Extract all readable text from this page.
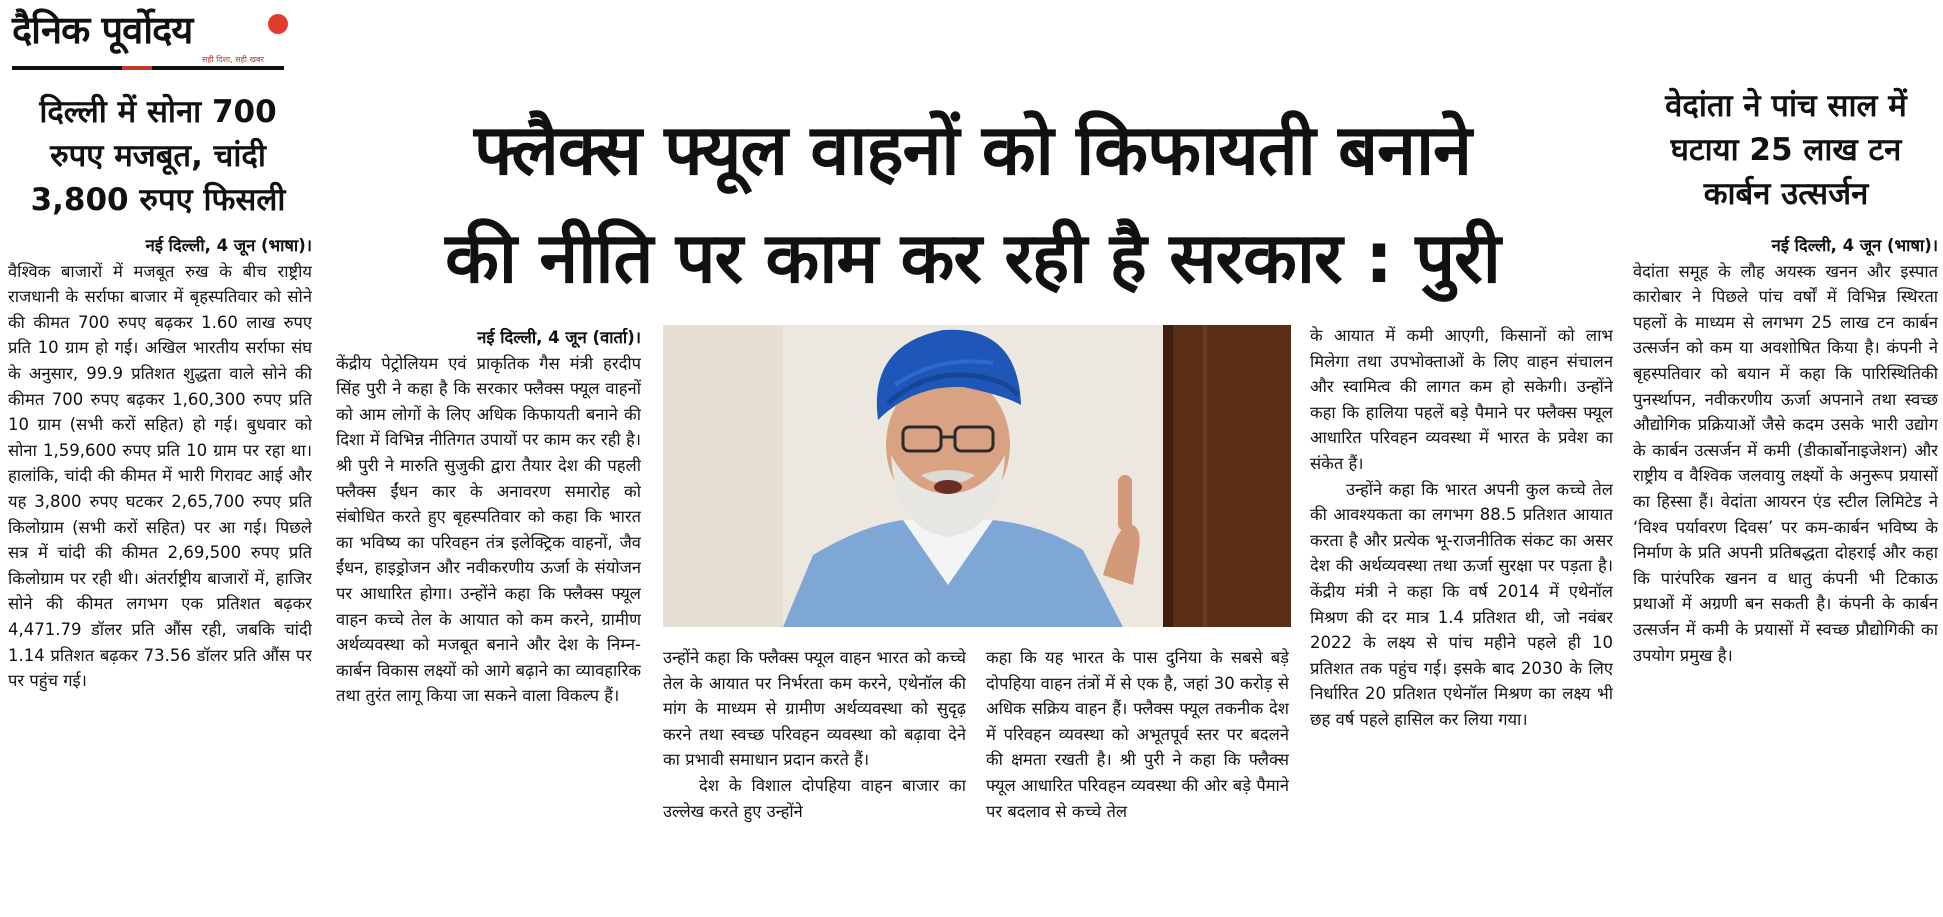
दैनिक पूर्वोदय
सही दिशा, सही खबर
दिल्ली में सोना 700 रुपए मजबूत, चांदी 3,800 रुपए फिसली

नई दिल्ली, 4 जून (भाषा)।

वैश्विक बाजारों में मजबूत रुख के बीच राष्ट्रीय राजधानी के सर्राफा बाजार में बृहस्पतिवार को सोने की कीमत 700 रुपए बढ़कर 1.60 लाख रुपए प्रति 10 ग्राम हो गई। अखिल भारतीय सर्राफा संघ के अनुसार, 99.9 प्रतिशत शुद्धता वाले सोने की कीमत 700 रुपए बढ़कर 1,60,300 रुपए प्रति 10 ग्राम (सभी करों सहित) हो गई। बुधवार को सोना 1,59,600 रुपए प्रति 10 ग्राम पर रहा था। हालांकि, चांदी की कीमत में भारी गिरावट आई और यह 3,800 रुपए घटकर 2,65,700 रुपए प्रति किलोग्राम (सभी करों सहित) पर आ गई। पिछले सत्र में चांदी की कीमत 2,69,500 रुपए प्रति किलोग्राम पर रही थी। अंतर्राष्ट्रीय बाजारों में, हाजिर सोने की कीमत लगभग एक प्रतिशत बढ़कर 4,471.79 डॉलर प्रति औंस रही, जबकि चांदी 1.14 प्रतिशत बढ़कर 73.56 डॉलर प्रति औंस पर पर पहुंच गई।

फ्लैक्स फ्यूल वाहनों को किफायती बनाने
की नीति पर काम कर रही है सरकार : पुरी

नई दिल्ली, 4 जून (वार्ता)।

केंद्रीय पेट्रोलियम एवं प्राकृतिक गैस मंत्री हरदीप सिंह पुरी ने कहा है कि सरकार फ्लैक्स फ्यूल वाहनों को आम लोगों के लिए अधिक किफायती बनाने की दिशा में विभिन्न नीतिगत उपायों पर काम कर रही है। श्री पुरी ने मारुति सुजुकी द्वारा तैयार देश की पहली फ्लैक्स ईंधन कार के अनावरण समारोह को संबोधित करते हुए बृहस्पतिवार को कहा कि भारत का भविष्य का परिवहन तंत्र इलेक्ट्रिक वाहनों, जैव ईंधन, हाइड्रोजन और नवीकरणीय ऊर्जा के संयोजन पर आधारित होगा। उन्होंने कहा कि फ्लैक्स फ्यूल वाहन कच्चे तेल के आयात को कम करने, ग्रामीण अर्थव्यवस्था को मजबूत बनाने और देश के निम्न-कार्बन विकास लक्ष्यों को आगे बढ़ाने का व्यावहारिक तथा तुरंत लागू किया जा सकने वाला विकल्प हैं।

उन्होंने कहा कि फ्लैक्स फ्यूल वाहन भारत को कच्चे तेल के आयात पर निर्भरता कम करने, एथेनॉल की मांग के माध्यम से ग्रामीण अर्थव्यवस्था को सुदृढ़ करने तथा स्वच्छ परिवहन व्यवस्था को बढ़ावा देने का प्रभावी समाधान प्रदान करते हैं।

देश के विशाल दोपहिया वाहन बाजार का उल्लेख करते हुए उन्होंने

कहा कि यह भारत के पास दुनिया के सबसे बड़े दोपहिया वाहन तंत्रों में से एक है, जहां 30 करोड़ से अधिक सक्रिय वाहन हैं। फ्लैक्स फ्यूल तकनीक देश में परिवहन व्यवस्था को अभूतपूर्व स्तर पर बदलने की क्षमता रखती है। श्री पुरी ने कहा कि फ्लैक्स फ्यूल आधारित परिवहन व्यवस्था की ओर बड़े पैमाने पर बदलाव से कच्चे तेल

के आयात में कमी आएगी, किसानों को लाभ मिलेगा तथा उपभोक्ताओं के लिए वाहन संचालन और स्वामित्व की लागत कम हो सकेगी। उन्होंने कहा कि हालिया पहलें बड़े पैमाने पर फ्लैक्स फ्यूल आधारित परिवहन व्यवस्था में भारत के प्रवेश का संकेत हैं।

उन्होंने कहा कि भारत अपनी कुल कच्चे तेल की आवश्यकता का लगभग 88.5 प्रतिशत आयात करता है और प्रत्येक भू-राजनीतिक संकट का असर देश की अर्थव्यवस्था तथा ऊर्जा सुरक्षा पर पड़ता है। केंद्रीय मंत्री ने कहा कि वर्ष 2014 में एथेनॉल मिश्रण की दर मात्र 1.4 प्रतिशत थी, जो नवंबर 2022 के लक्ष्य से पांच महीने पहले ही 10 प्रतिशत तक पहुंच गई। इसके बाद 2030 के लिए निर्धारित 20 प्रतिशत एथेनॉल मिश्रण का लक्ष्य भी छह वर्ष पहले हासिल कर लिया गया।

वेदांता ने पांच साल में घटाया 25 लाख टन कार्बन उत्सर्जन

नई दिल्ली, 4 जून (भाषा)।

वेदांता समूह के लौह अयस्क खनन और इस्पात कारोबार ने पिछले पांच वर्षों में विभिन्न स्थिरता पहलों के माध्यम से लगभग 25 लाख टन कार्बन उत्सर्जन को कम या अवशोषित किया है। कंपनी ने बृहस्पतिवार को बयान में कहा कि पारिस्थितिकी पुनर्स्थापन, नवीकरणीय ऊर्जा अपनाने तथा स्वच्छ औद्योगिक प्रक्रियाओं जैसे कदम उसके भारी उद्योग के कार्बन उत्सर्जन में कमी (डीकार्बोनाइजेशन) और राष्ट्रीय व वैश्विक जलवायु लक्ष्यों के अनुरूप प्रयासों का हिस्सा हैं। वेदांता आयरन एंड स्टील लिमिटेड ने ‘विश्व पर्यावरण दिवस’ पर कम-कार्बन भविष्य के निर्माण के प्रति अपनी प्रतिबद्धता दोहराई और कहा कि पारंपरिक खनन व धातु कंपनी भी टिकाऊ प्रथाओं में अग्रणी बन सकती है। कंपनी के कार्बन उत्सर्जन में कमी के प्रयासों में स्वच्छ प्रौद्योगिकी का उपयोग प्रमुख है।
